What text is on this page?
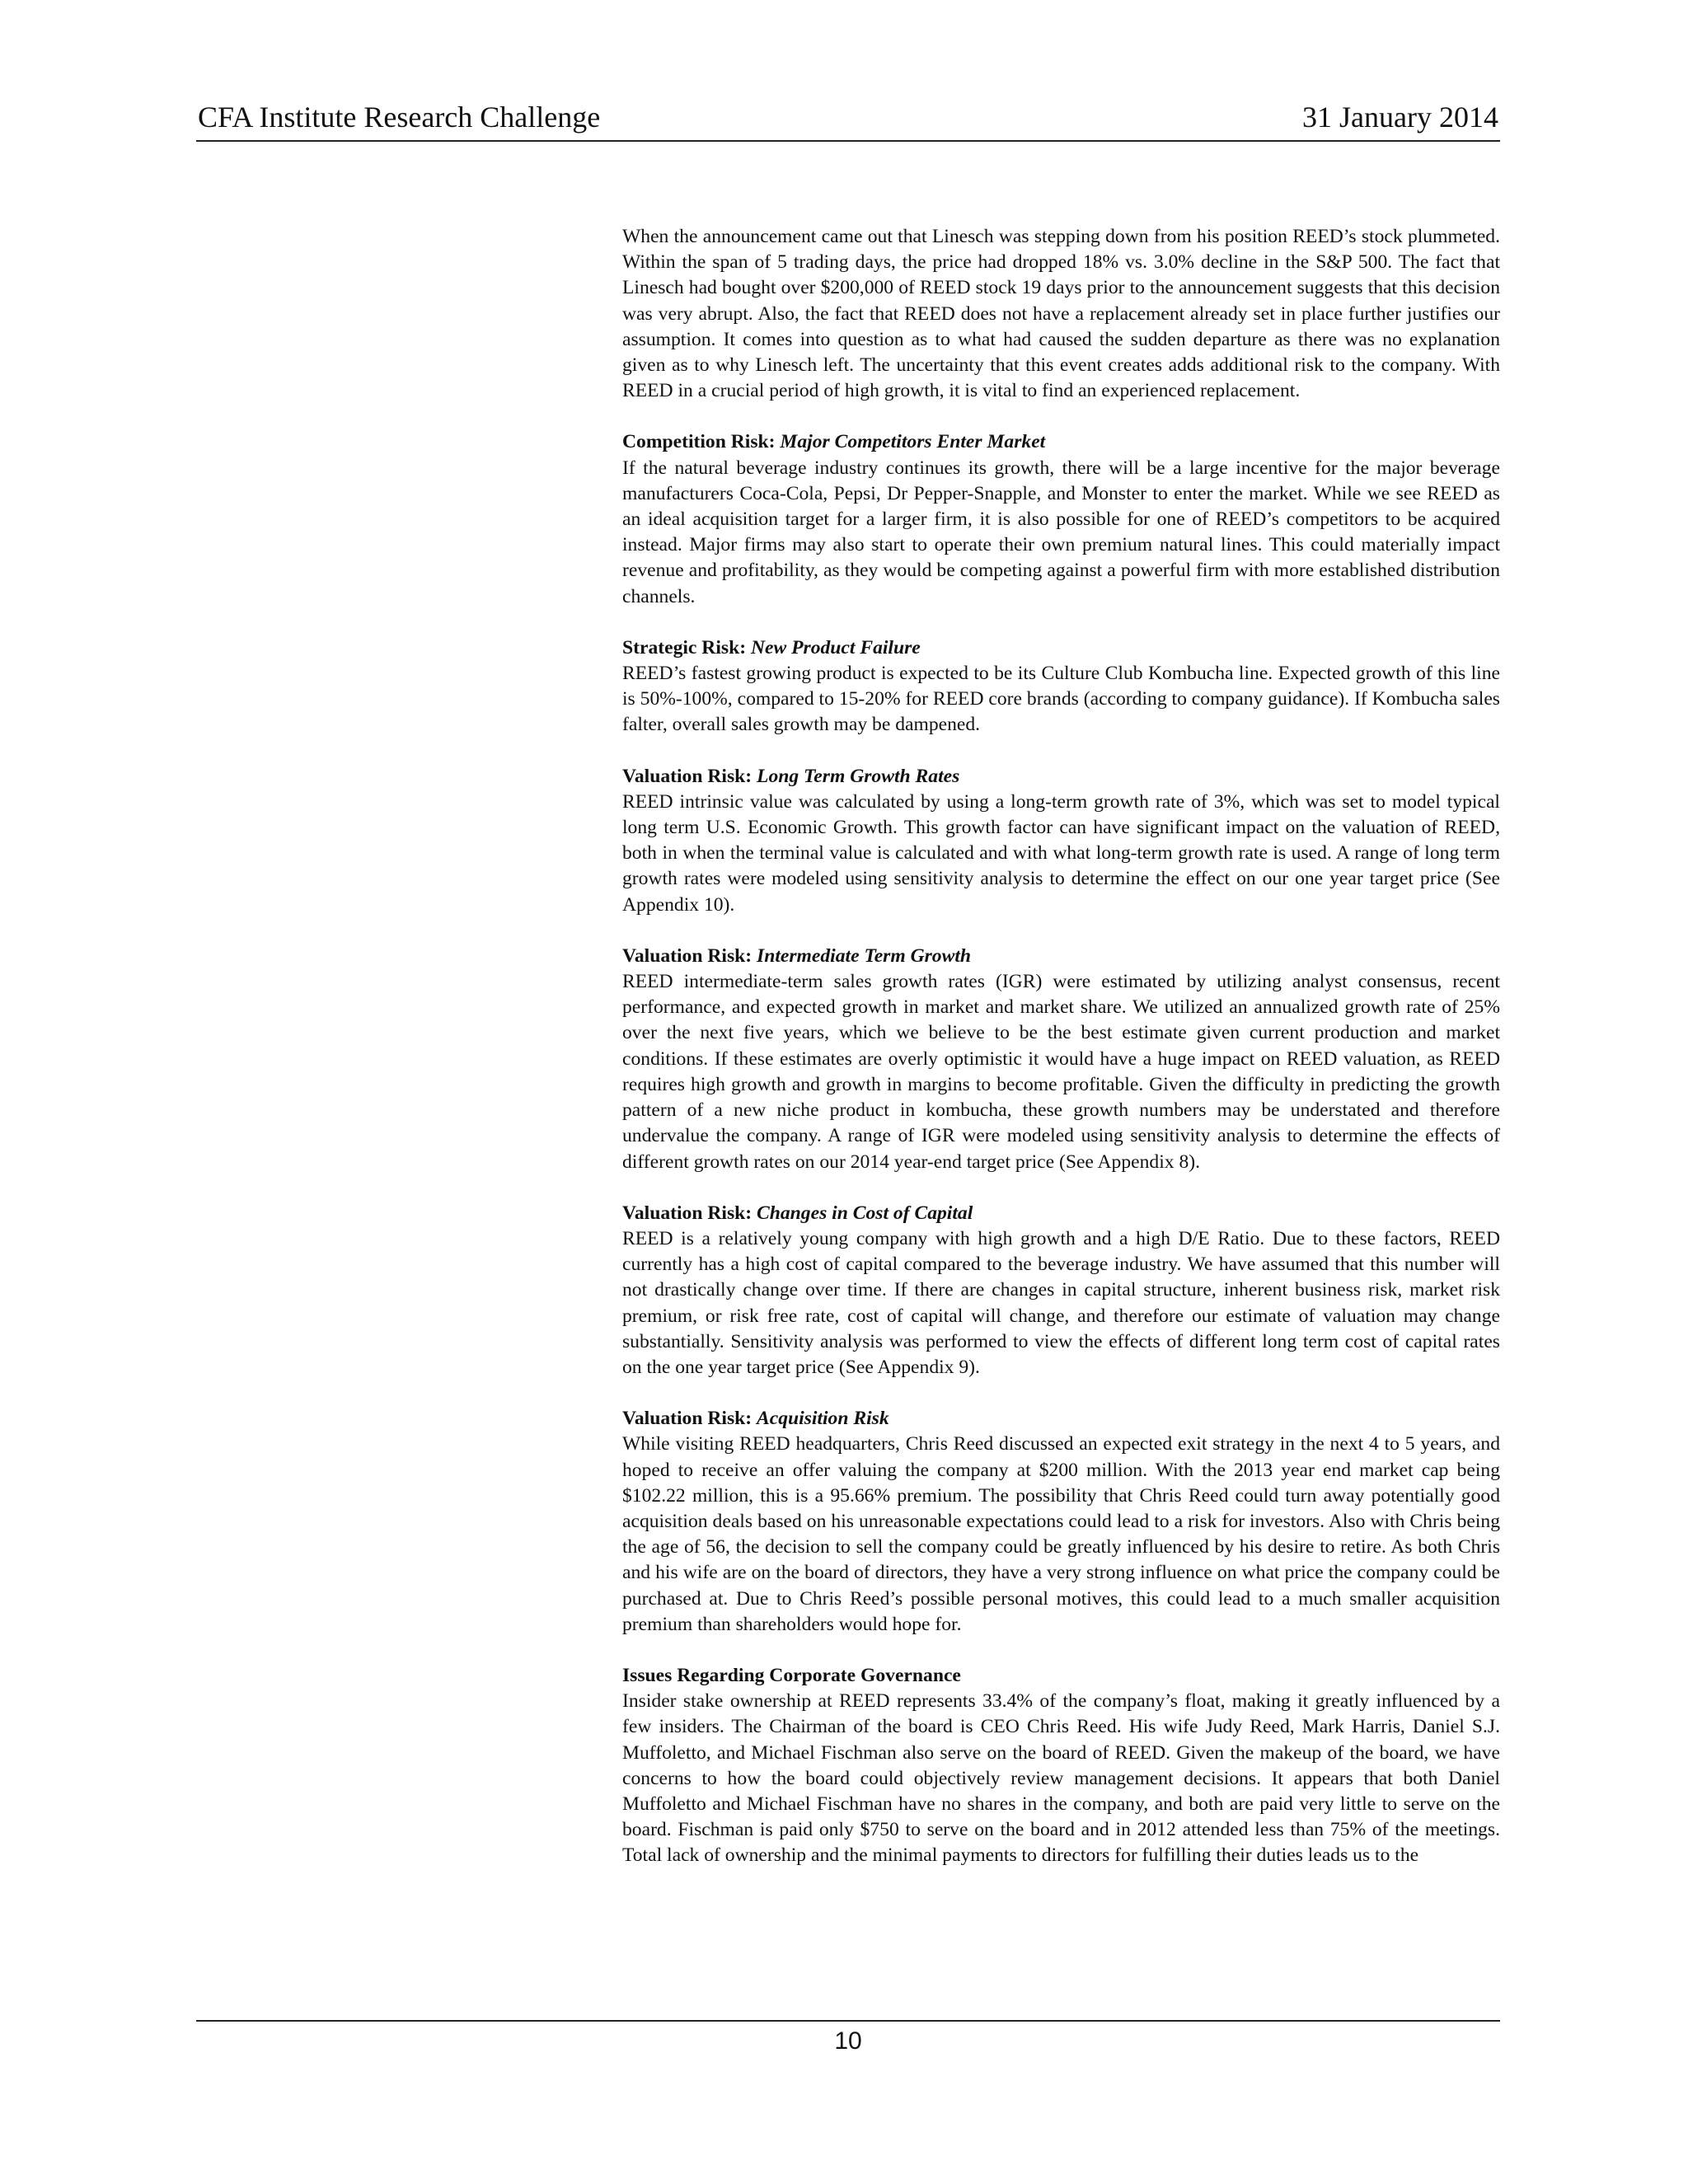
CFA Institute Research Challenge	31 January 2014

When the announcement came out that Linesch was stepping down from his position REED’s stock plummeted. Within the span of 5 trading days, the price had dropped 18% vs. 3.0% decline in the S&P 500. The fact that Linesch had bought over $200,000 of REED stock 19 days prior to the announcement suggests that this decision was very abrupt. Also, the fact that REED does not have a replacement already set in place further justifies our assumption. It comes into question as to what had caused the sudden departure as there was no explanation given as to why Linesch left. The uncertainty that this event creates adds additional risk to the company. With REED in a crucial period of high growth, it is vital to find an experienced replacement.

Competition Risk: Major Competitors Enter Market

If the natural beverage industry continues its growth, there will be a large incentive for the major beverage manufacturers Coca-Cola, Pepsi, Dr Pepper-Snapple, and Monster to enter the market. While we see REED as an ideal acquisition target for a larger firm, it is also possible for one of REED’s competitors to be acquired instead. Major firms may also start to operate their own premium natural lines. This could materially impact revenue and profitability, as they would be competing against a powerful firm with more established distribution channels.

Strategic Risk: New Product Failure

REED’s fastest growing product is expected to be its Culture Club Kombucha line. Expected growth of this line is 50%-100%, compared to 15-20% for REED core brands (according to company guidance). If Kombucha sales falter, overall sales growth may be dampened.

Valuation Risk: Long Term Growth Rates

REED intrinsic value was calculated by using a long-term growth rate of 3%, which was set to model typical long term U.S. Economic Growth. This growth factor can have significant impact on the valuation of REED, both in when the terminal value is calculated and with what long-term growth rate is used. A range of long term growth rates were modeled using sensitivity analysis to determine the effect on our one year target price (See Appendix 10).

Valuation Risk: Intermediate Term Growth

REED intermediate-term sales growth rates (IGR) were estimated by utilizing analyst consensus, recent performance, and expected growth in market and market share. We utilized an annualized growth rate of 25% over the next five years, which we believe to be the best estimate given current production and market conditions. If these estimates are overly optimistic it would have a huge impact on REED valuation, as REED requires high growth and growth in margins to become profitable. Given the difficulty in predicting the growth pattern of a new niche product in kombucha, these growth numbers may be understated and therefore undervalue the company. A range of IGR were modeled using sensitivity analysis to determine the effects of different growth rates on our 2014 year-end target price (See Appendix 8).

Valuation Risk: Changes in Cost of Capital

REED is a relatively young company with high growth and a high D/E Ratio. Due to these factors, REED currently has a high cost of capital compared to the beverage industry. We have assumed that this number will not drastically change over time. If there are changes in capital structure, inherent business risk, market risk premium, or risk free rate, cost of capital will change, and therefore our estimate of valuation may change substantially. Sensitivity analysis was performed to view the effects of different long term cost of capital rates on the one year target price (See Appendix 9).

Valuation Risk: Acquisition Risk

While visiting REED headquarters, Chris Reed discussed an expected exit strategy in the next 4 to 5 years, and hoped to receive an offer valuing the company at $200 million. With the 2013 year end market cap being $102.22 million, this is a 95.66% premium. The possibility that Chris Reed could turn away potentially good acquisition deals based on his unreasonable expectations could lead to a risk for investors. Also with Chris being the age of 56, the decision to sell the company could be greatly influenced by his desire to retire. As both Chris and his wife are on the board of directors, they have a very strong influence on what price the company could be purchased at. Due to Chris Reed’s possible personal motives, this could lead to a much smaller acquisition premium than shareholders would hope for.

Issues Regarding Corporate Governance

Insider stake ownership at REED represents 33.4% of the company’s float, making it greatly influenced by a few insiders. The Chairman of the board is CEO Chris Reed. His wife Judy Reed, Mark Harris, Daniel S.J. Muffoletto, and Michael Fischman also serve on the board of REED. Given the makeup of the board, we have concerns to how the board could objectively review management decisions. It appears that both Daniel Muffoletto and Michael Fischman have no shares in the company, and both are paid very little to serve on the board. Fischman is paid only $750 to serve on the board and in 2012 attended less than 75% of the meetings. Total lack of ownership and the minimal payments to directors for fulfilling their duties leads us to the

10
